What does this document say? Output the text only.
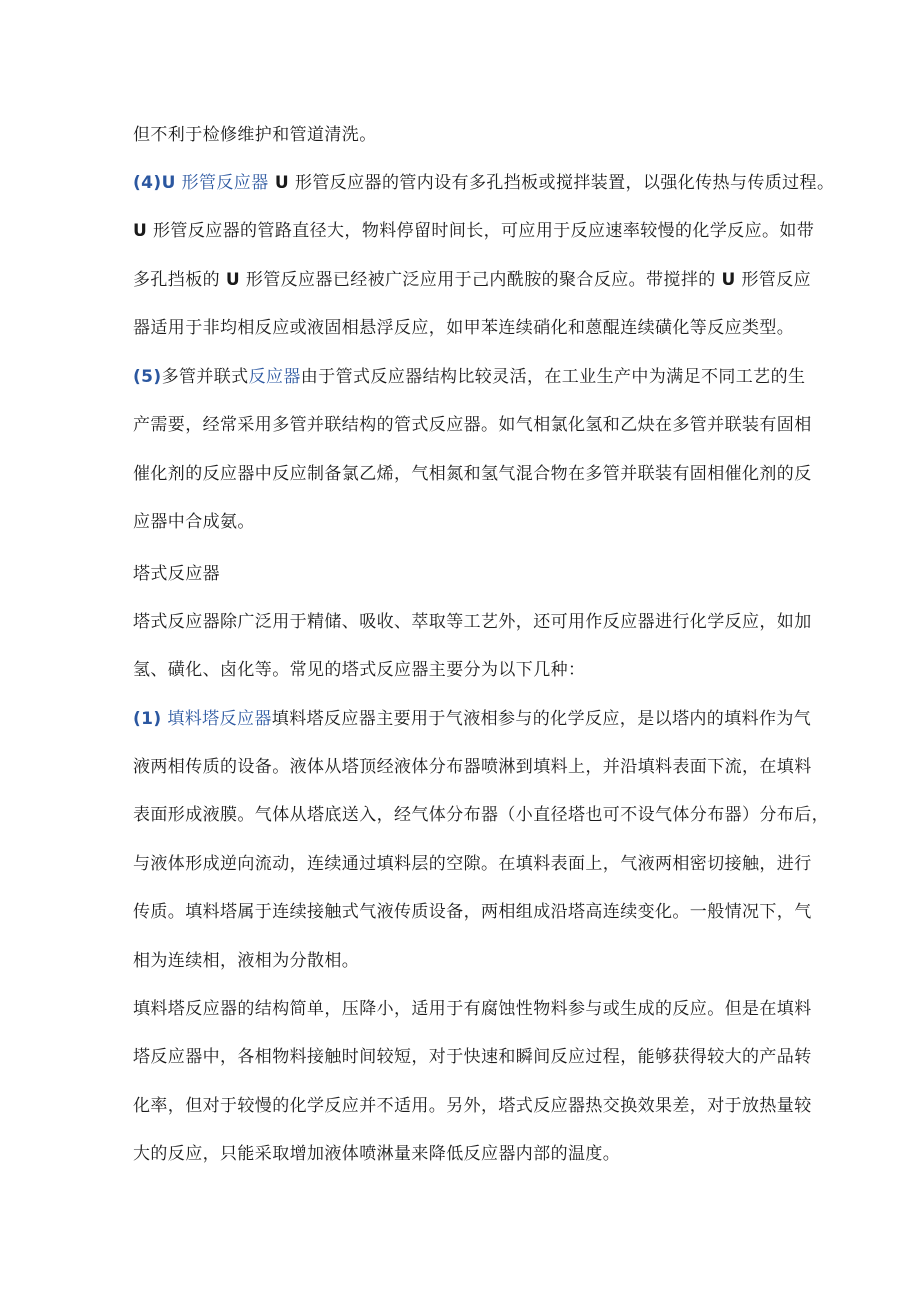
但不利于检修维护和管道清洗。
(4)U 形管反应器 U 形管反应器的管内设有多孔挡板或搅拌装置，以强化传热与传质过程。
U 形管反应器的管路直径大，物料停留时间长，可应用于反应速率较慢的化学反应。如带
多孔挡板的 U 形管反应器已经被广泛应用于己内酰胺的聚合反应。带搅拌的 U 形管反应
器适用于非均相反应或液固相悬浮反应，如甲苯连续硝化和蒽醌连续磺化等反应类型。
(5)多管并联式反应器由于管式反应器结构比较灵活，在工业生产中为满足不同工艺的生
产需要，经常采用多管并联结构的管式反应器。如气相氯化氢和乙炔在多管并联装有固相
催化剂的反应器中反应制备氯乙烯，气相氮和氢气混合物在多管并联装有固相催化剂的反
应器中合成氨。
塔式反应器
塔式反应器除广泛用于精储、吸收、萃取等工艺外，还可用作反应器进行化学反应，如加
氢、磺化、卤化等。常见的塔式反应器主要分为以下几种：
(1) 填料塔反应器填料塔反应器主要用于气液相参与的化学反应，是以塔内的填料作为气
液两相传质的设备。液体从塔顶经液体分布器喷淋到填料上，并沿填料表面下流，在填料
表面形成液膜。气体从塔底送入，经气体分布器（小直径塔也可不设气体分布器）分布后，
与液体形成逆向流动，连续通过填料层的空隙。在填料表面上，气液两相密切接触，进行
传质。填料塔属于连续接触式气液传质设备，两相组成沿塔高连续变化。一般情况下，气
相为连续相，液相为分散相。
填料塔反应器的结构简单，压降小，适用于有腐蚀性物料参与或生成的反应。但是在填料
塔反应器中，各相物料接触时间较短，对于快速和瞬间反应过程，能够获得较大的产品转
化率，但对于较慢的化学反应并不适用。另外，塔式反应器热交换效果差，对于放热量较
大的反应，只能采取增加液体喷淋量来降低反应器内部的温度。
